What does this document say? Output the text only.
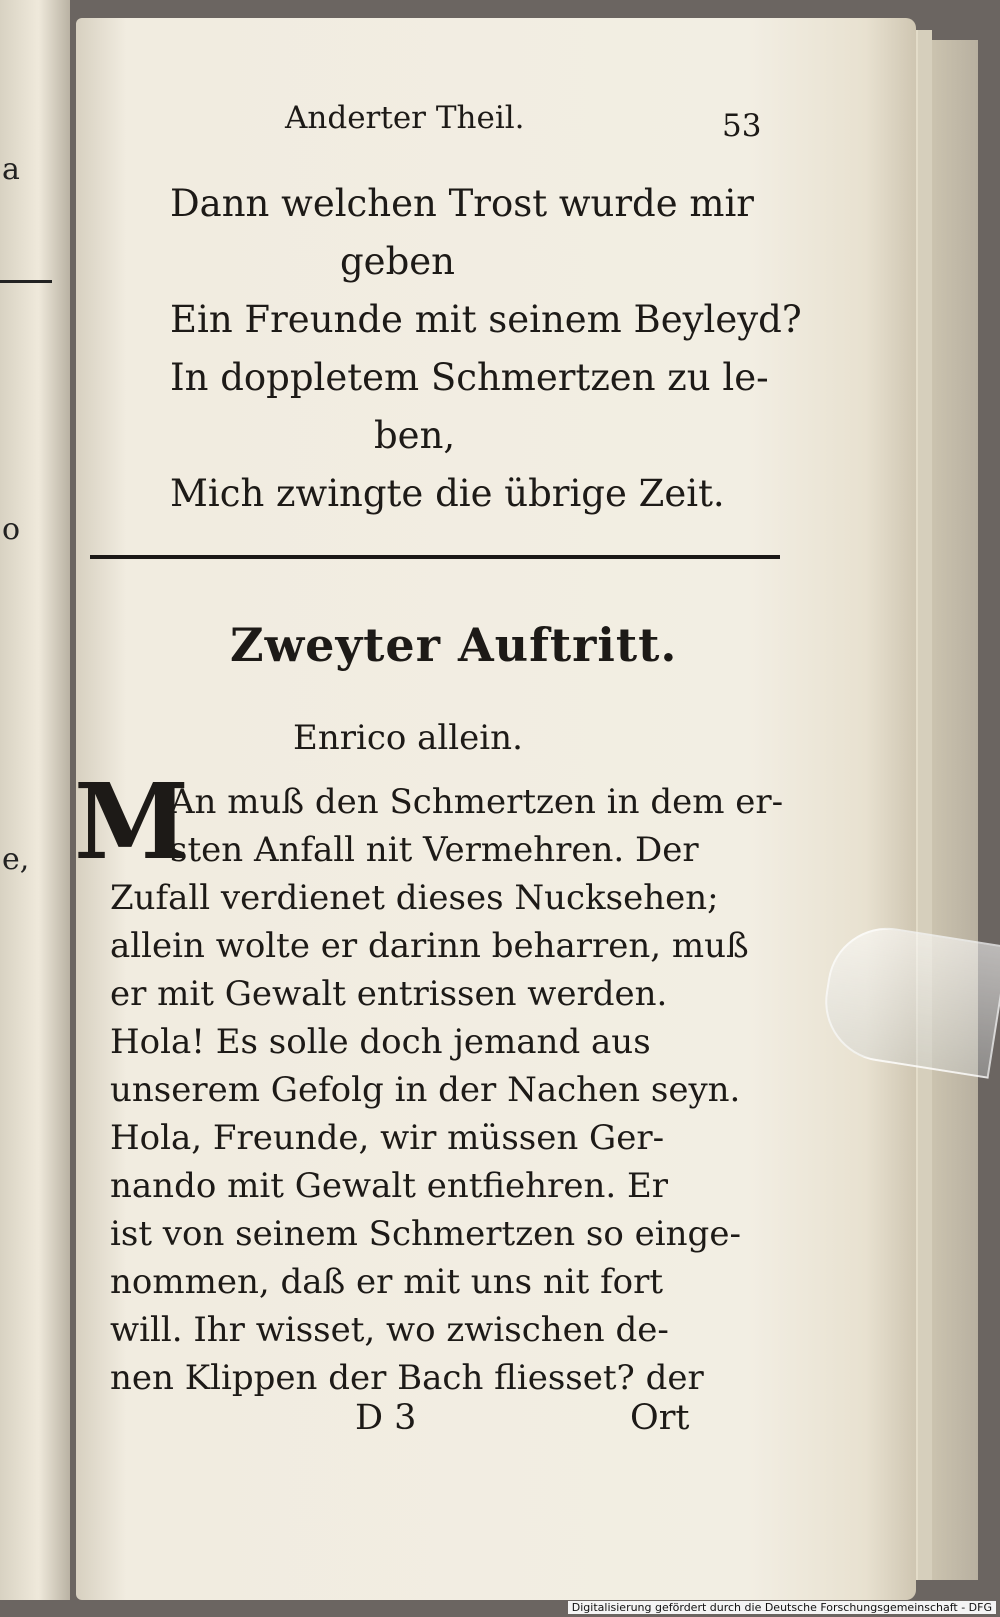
a
o
e,
Anderter Theil.	53
Dann welchen Trost wurde mir
geben
Ein Freunde mit seinem Beyleyd?
In doppletem Schmertzen zu le-
ben,
Mich zwingte die übrige Zeit.
Zweyter Auftritt.
Enrico allein.
M
An muß den Schmertzen in dem er-
sten Anfall nit Vermehren. Der
Zufall verdienet dieses Nucksehen;
allein wolte er darinn beharren, muß
er mit Gewalt entrissen werden.
Hola! Es solle doch jemand aus
unserem Gefolg in der Nachen seyn.
Hola, Freunde, wir müssen Ger-
nando mit Gewalt entfiehren. Er
ist von seinem Schmertzen so einge-
nommen, daß er mit uns nit fort
will. Ihr wisset, wo zwischen de-
nen Klippen der Bach fliesset? der
D 3	Ort
Digitalisierung gefördert durch die Deutsche Forschungsgemeinschaft - DFG
